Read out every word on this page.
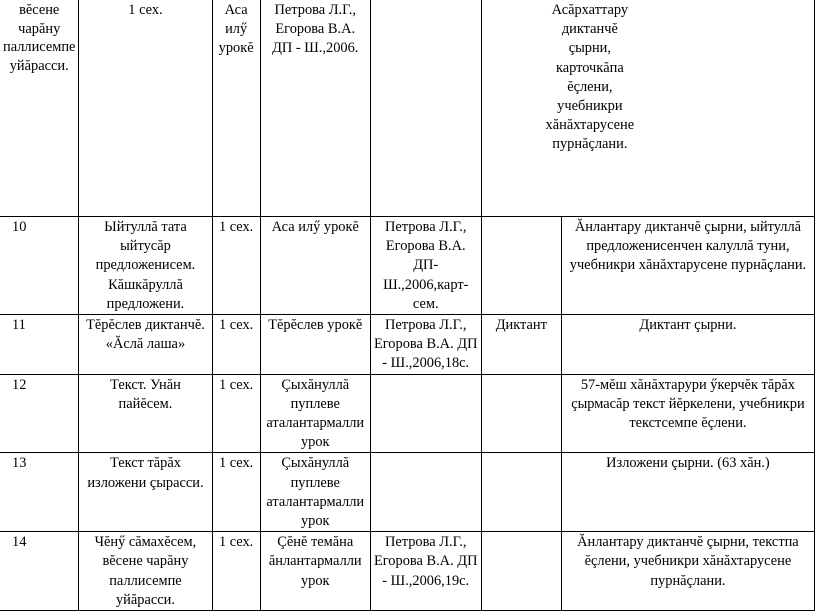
вĕсене чарăну паллисемпе уйăрасси.	1 сех.	Аса илӳ урокĕ	Петрова Л.Г., Егорова В.А. ДП - Ш.,2006.		Асăрхаттару диктанчĕ çырни, карточкăпа ĕçлени, учебникри хăнăхтарусене пурнăçлани.	
10	Ыйтуллă тата ыйтусăр предложенисем. Кăшкăруллă предложени.	1 сех.	Аса илӳ урокĕ	Петрова Л.Г., Егорова В.А. ДП-Ш.,2006,карт-сем.		Ăнлантару диктанчĕ çырни, ыйтуллă предложенисенчен калуллă туни, учебникри хăнăхтарусене пурнăçлани.
11	Тĕрĕслев диктанчĕ. «Ăслă лаша»	1 сех.	Тĕрĕслев урокĕ	Петрова Л.Г., Егорова В.А. ДП - Ш.,2006,18с.	Диктант	Диктант çырни.
12	Текст. Унăн пайĕсем.	1 сех.	Çыхăнуллă пуплеве аталантармалли урок			57-мĕш хăнăхтарури ӳкерчĕк тăрăх çырмасăр текст йĕркелени, учебникри текстсемпе ĕçлени.
13	Текст тăрăх изложени çырасси.	1 сех.	Çыхăнуллă пуплеве аталантармалли урок			Изложени çырни. (63 хăн.)
14	Чĕнӳ сăмахĕсем, вĕсене чарăну паллисемпе уйăрасси.	1 сех.	Çĕнĕ темăна ăнлантармалли урок	Петрова Л.Г., Егорова В.А. ДП - Ш.,2006,19с.		Ăнлантару диктанчĕ çырни, текстпа ĕçлени, учебникри хăнăхтарусене пурнăçлани.
